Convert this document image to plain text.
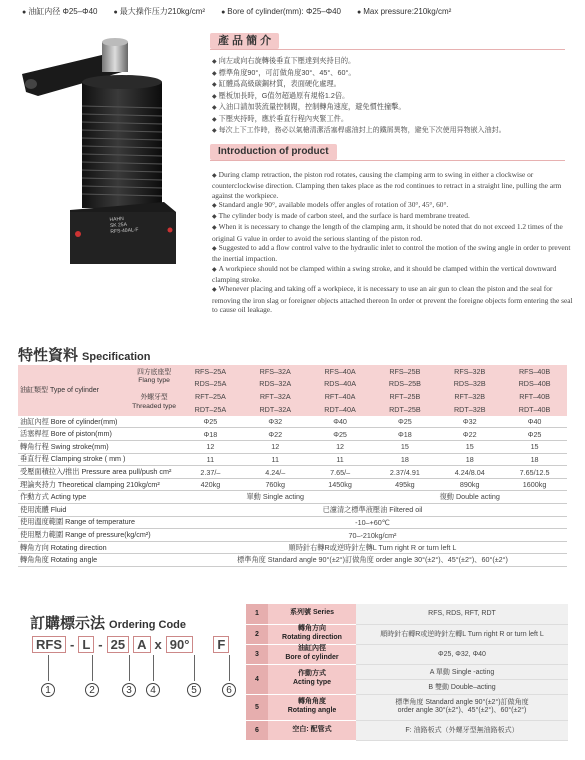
● 油缸内径 Φ25–Φ40	● 最大操作压力210kg/cm²	● Bore of cylinder(mm): Φ25–Φ40	● Max pressure:210kg/cm²
HAHN
SK 25A
RFS-40AL-F
產 品 簡 介
◆ 向左或向右旋轉後垂直下壓達到夾持目的。
◆ 標準角度90°，可訂做角度30°、45°、60°。
◆ 缸體爲高級碳鋼材質，表面硬化處理。
◆ 壓板加長時，G值勿超過原有規格1.2倍。
◆ 入油口請加裝流量控制閥，控制轉角速度，避免慣性撞擊。
◆ 下壓夾持時，應於垂直行程內夾緊工件。
◆ 每次上下工作時，務必以氣槍清潔活塞桿處油封上的鐵屑異物，避免下次使用异物嵌入油封。
Introduction of product

◆ During clamp retraction, the piston rod rotates, causing the clamping arm to swing in either a clockwise or counterclockwise direction. Clamping then takes place as the rod continues to retract in a straight line, pulling the arm against the workpiece.

◆ Standard angle 90°, available models offer angles of rotation of 30°, 45°, 60°.

◆ The cylinder body is made of carbon steel, and the surface is hard membrane treated.

◆ When it is necessary to change the length of the clamping arm, it should be noted that do not exceed 1.2 times of the original G value in order to avoid the serious slanting of the piston rod.

◆ Suggested to add a flow control valve to the hydraulic inlet to control the motion of the swing angle in order to prevent the inertial impaction.

◆ A workpiece should not be clamped within a swing stroke, and it should be clamped within the vertical downward clamping stroke.

◆ Whenever placing and taking off a workpiece, it is necessary to use an air gun to clean the piston and the seal for removing the iron slag or foreigner objects attached thereon In order ot prevent the foreigne objects form entering the seal to cause oil leakage.

特性資料 Specification
油缸類型 Type of cylinder
四方底座型
Flang type

外螺牙型
Threaded type	RFS–25A	RFS–32A	RFS–40A	RFS–25B	RFS–32B	RFS–40B
	RDS–25A	RDS–32A	RDS–40A	RDS–25B	RDS–32B	RDS–40B
	RFT–25A	RFT–32A	RFT–40A	RFT–25B	RFT–32B	RFT–40B
	RDT–25A	RDT–32A	RDT–40A	RDT–25B	RDT–32B	RDT–40B
油缸內徑 Bore of cylinder(mm)	Φ25	Φ32	Φ40	Φ25	Φ32	Φ40
活塞桿徑 Bore of piston(mm)	Φ18	Φ22	Φ25	Φ18	Φ22	Φ25
轉角行程 Swing stroke(mm)	12	12	12	15	15	15
垂直行程 Clamping stroke ( mm )	11	11	11	18	18	18
受壓面積拉入/推出 Pressure area pull/push cm²	2.37/–	4.24/–	7.65/–	2.37/4.91	4.24/8.04	7.65/12.5
理論夾持力 Theoretical clamping 210kg/cm²	420kg	760kg	1450kg	495kg	890kg	1600kg
作動方式 Acting type	單動 Single acting			復動 Double acting		
使用流體 Fluid	已濾清之標準液壓油 Filtered oil					
使用溫度範圍 Range of temperature	-10–+60℃					
使用壓力範圍 Range of pressure(kg/cm²)	70–-210kg/cm²					
轉角方向 Rotating direction	順時針右轉R或逆時針左轉L Turn right R or turn left L					
轉角角度 Rotating angle	標準角度 Standard angle 90°(±2°)訂做角度 order angle 30°(±2°)、45°(±2°)、60°(±2°)					
訂購標示法 Ordering Code
RFS - L - 25 A x 90°	F
1	2	3	4	5	6
1	系列號 Series	RFS, RDS, RFT, RDT
2	轉角方向
Rotating direction	順時針右轉R或逆時針左轉L Turn right R or turn left L
3	油缸內徑
Bore of cylinder	Φ25, Φ32, Φ40
4	作動方式
Acting type	A 單動 Single -acting
		B 雙動 Double–acting
5	轉角角度
Rotating angle	標準角度 Standard angle 90°(±2°)訂做角度
order angle 30°(±2°)、45°(±2°)、60°(±2°)
6	空白: 配管式	F: 油路板式（外螺牙型無油路板式）
